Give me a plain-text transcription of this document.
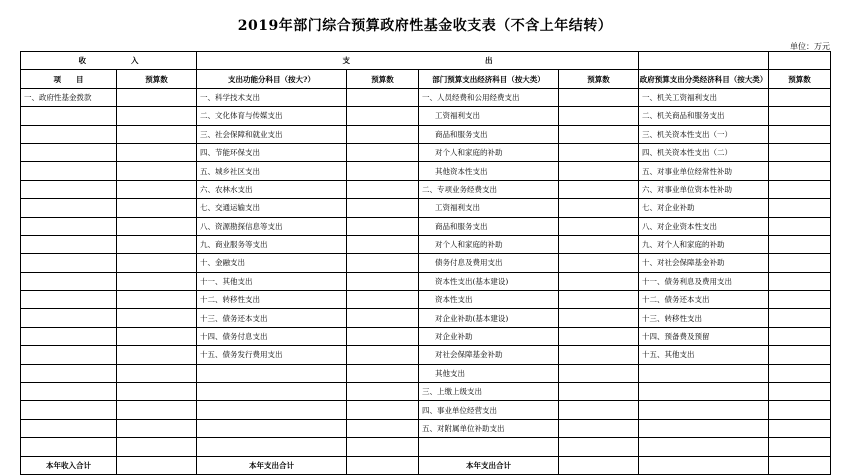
2019年部门综合预算政府性基金收支表（不含上年结转）
单位：万元
收　　　　　　入		支　　　　　　　　　　　　　　　　　　出					
项　　目	预算数	支出功能分科目（按大?）	预算数	部门预算支出经济科目（按大类）	预算数	政府预算支出分类经济科目（按大类）	预算数
一、政府性基金拨款		一、科学技术支出		一、人员经费和公用经费支出		一、机关工资福利支出	
		二、文化体育与传媒支出		工资福利支出		二、机关商品和服务支出	
		三、社会保障和就业支出		商品和服务支出		三、机关资本性支出（一）	
		四、节能环保支出		对个人和家庭的补助		四、机关资本性支出（二）	
		五、城乡社区支出		其他资本性支出		五、对事业单位经常性补助	
		六、农林水支出		二、专项业务经费支出		六、对事业单位资本性补助	
		七、交通运输支出		工资福利支出		七、对企业补助	
		八、资源勘探信息等支出		商品和服务支出		八、对企业资本性支出	
		九、商业服务等支出		对个人和家庭的补助		九、对个人和家庭的补助	
		十、金融支出		债务付息及费用支出		十、对社会保障基金补助	
		十一、其他支出		资本性支出(基本建设)		十一、债务利息及费用支出	
		十二、转移性支出		资本性支出		十二、债务还本支出	
		十三、债务还本支出		对企业补助(基本建设)		十三、转移性支出	
		十四、债务付息支出		对企业补助		十四、预备费及预留	
		十五、债务发行费用支出		对社会保障基金补助		十五、其他支出	
				其他支出			
				三、上缴上级支出			
				四、事业单位经营支出			
				五、对附属单位补助支出			

本年收入合计		本年支出合计		本年支出合计			
